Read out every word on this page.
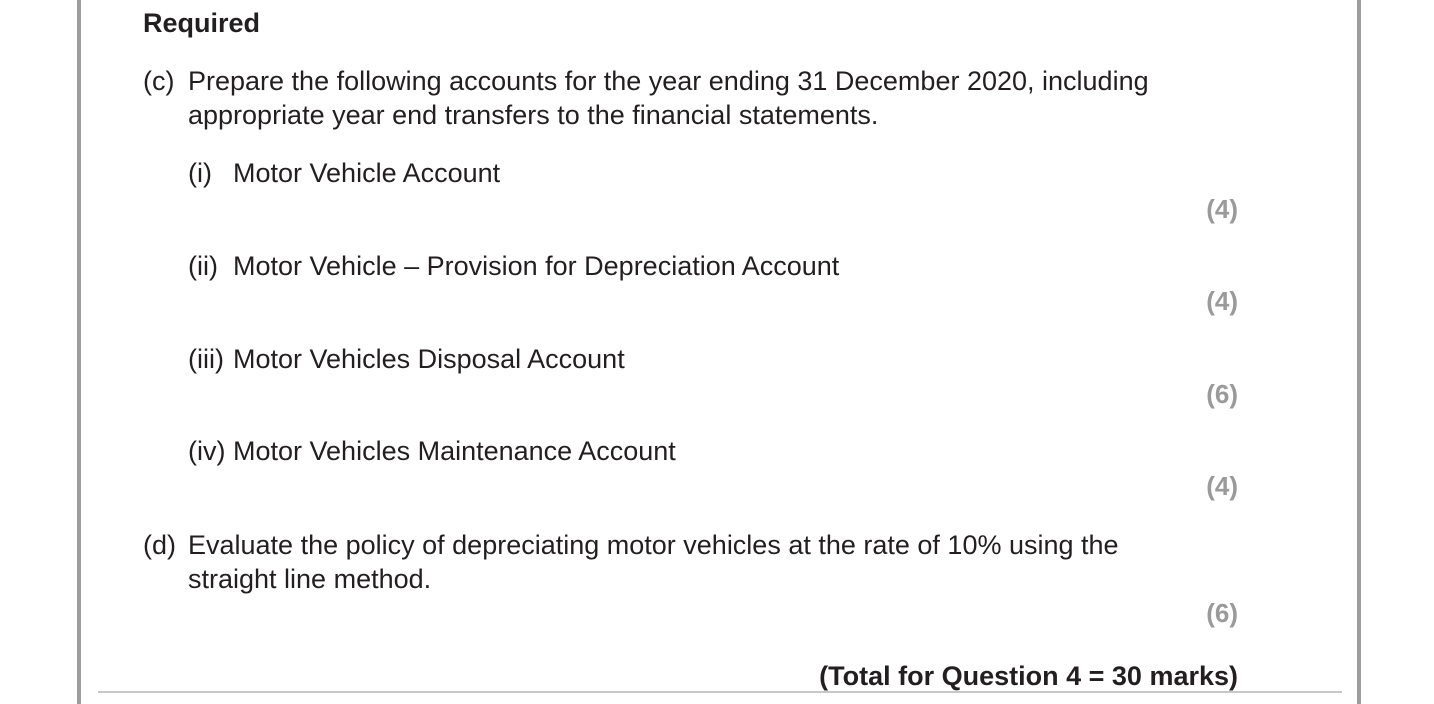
Required
(c) Prepare the following accounts for the year ending 31 December 2020, including
appropriate year end transfers to the financial statements.
(i) Motor Vehicle Account
(4)
(ii) Motor Vehicle – Provision for Depreciation Account
(4)
(iii) Motor Vehicles Disposal Account
(6)
(iv) Motor Vehicles Maintenance Account
(4)
(d) Evaluate the policy of depreciating motor vehicles at the rate of 10% using the
straight line method.
(6)
(Total for Question 4 = 30 marks)
